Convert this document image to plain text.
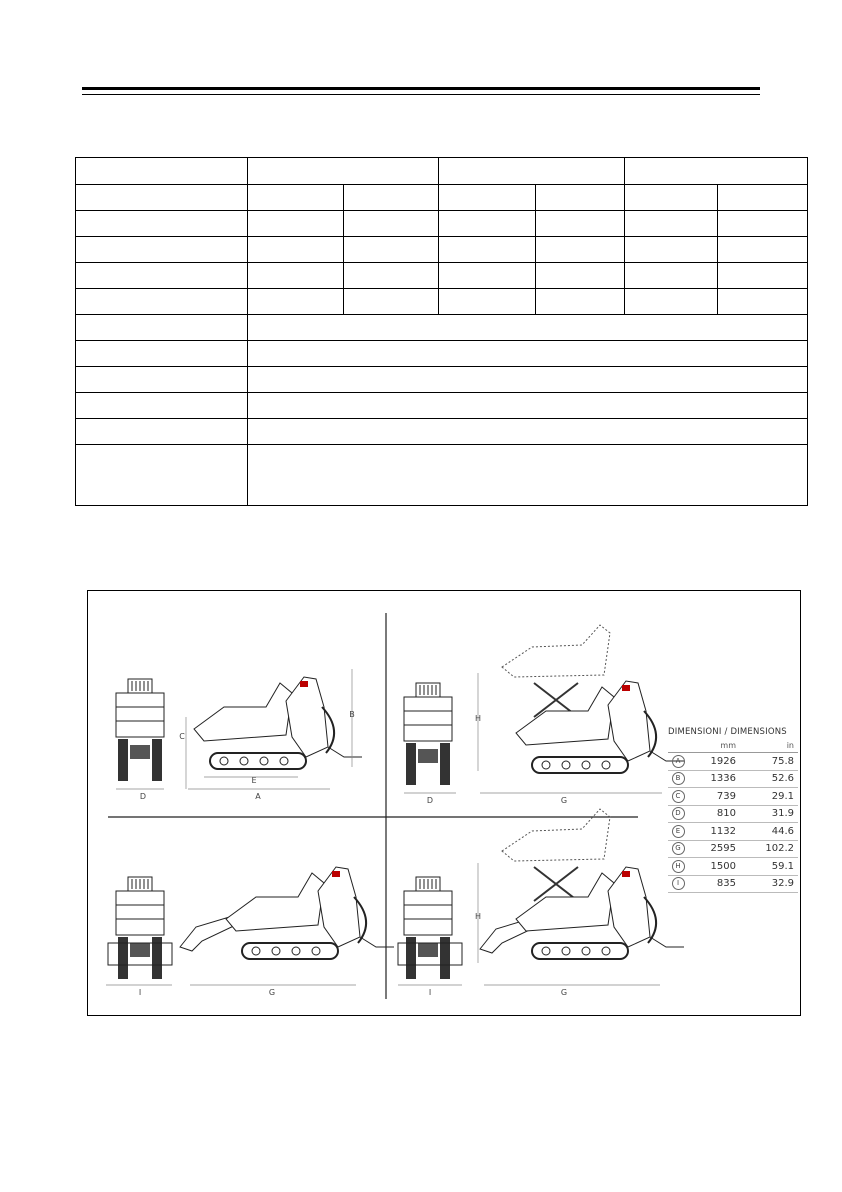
D
C
E
A
B
D
H
G
I	G	I
H
G
DIMENSIONI / DIMENSIONS
mm	in
A	1926	75.8
B	1336	52.6
C	739	29.1
D	810	31.9
E	1132	44.6
G	2595	102.2
H	1500	59.1
I	835	32.9
